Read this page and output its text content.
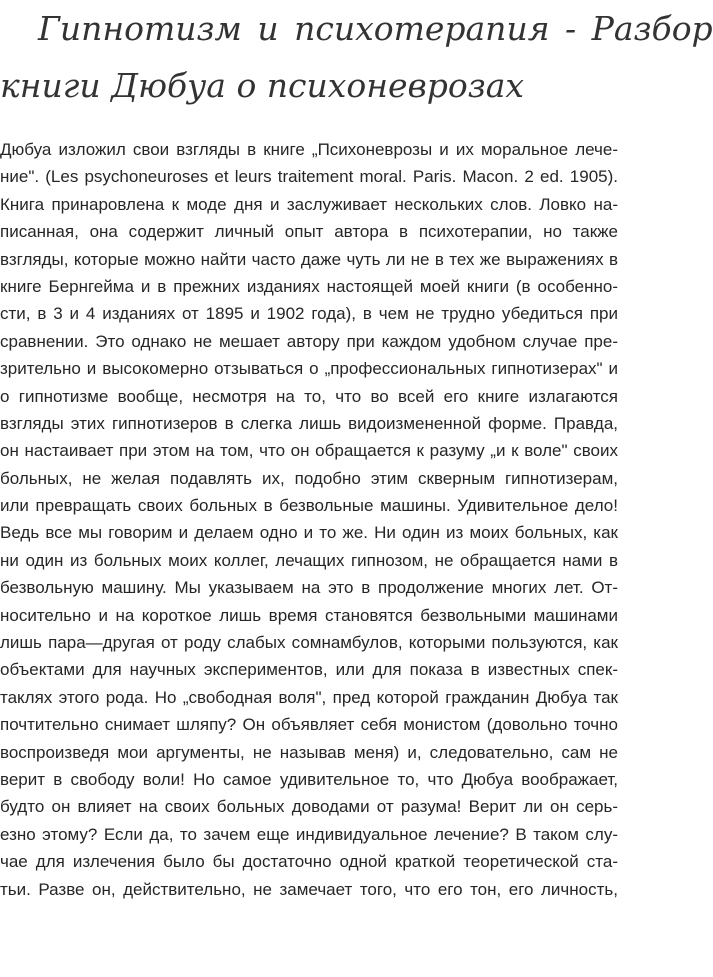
Гипнотизм и психотерапия - Разбор
книги Дюбуа о психоневрозах
Дюбуа изложил свои взгляды в книге „Психоневрозы и их моральное лече-
ние". (Les psychoneuroses et leurs traitement moral. Paris. Macon. 2 ed. 1905).
Книга принаровлена к моде дня и заслуживает нескольких слов. Ловко на-
писанная, она содержит личный опыт автора в психотерапии, но также
взгляды, которые можно найти часто даже чуть ли не в тех же выражениях в
книге Бернгейма и в прежних изданиях настоящей моей книги (в особенно-
сти, в 3 и 4 изданиях от 1895 и 1902 года), в чем не трудно убедиться при
сравнении. Это однако не мешает автору при каждом удобном случае пре-
зрительно и высокомерно отзываться о „профессиональных гипнотизерах" и
о гипнотизме вообще, несмотря на то, что во всей его книге излагаются
взгляды этих гипнотизеров в слегка лишь видоизмененной форме. Правда,
он настаивает при этом на том, что он обращается к разуму „и к воле" своих
больных, не желая подавлять их, подобно этим скверным гипнотизерам,
или превращать своих больных в безвольные машины. Удивительное дело!
Ведь все мы говорим и делаем одно и то же. Ни один из моих больных, как
ни один из больных моих коллег, лечащих гипнозом, не обращается нами в
безвольную машину. Мы указываем на это в продолжение многих лет. От-
носительно и на короткое лишь время становятся безвольными машинами
лишь пара—другая от роду слабых сомнамбулов, которыми пользуются, как
объектами для научных экспериментов, или для показа в известных спек-
таклях этого рода. Но „свободная воля", пред которой гражданин Дюбуа так
почтительно снимает шляпу? Он объявляет себя монистом (довольно точно
воспроизведя мои аргументы, не называв меня) и, следовательно, сам не
верит в свободу воли! Но самое удивительное то, что Дюбуа воображает,
будто он влияет на своих больных доводами от разума! Верит ли он серь-
езно этому? Если да, то зачем еще индивидуальное лечение? В таком слу-
чае для излечения было бы достаточно одной краткой теоретической ста-
тьи. Разве он, действительно, не замечает того, что его тон, его личность,
